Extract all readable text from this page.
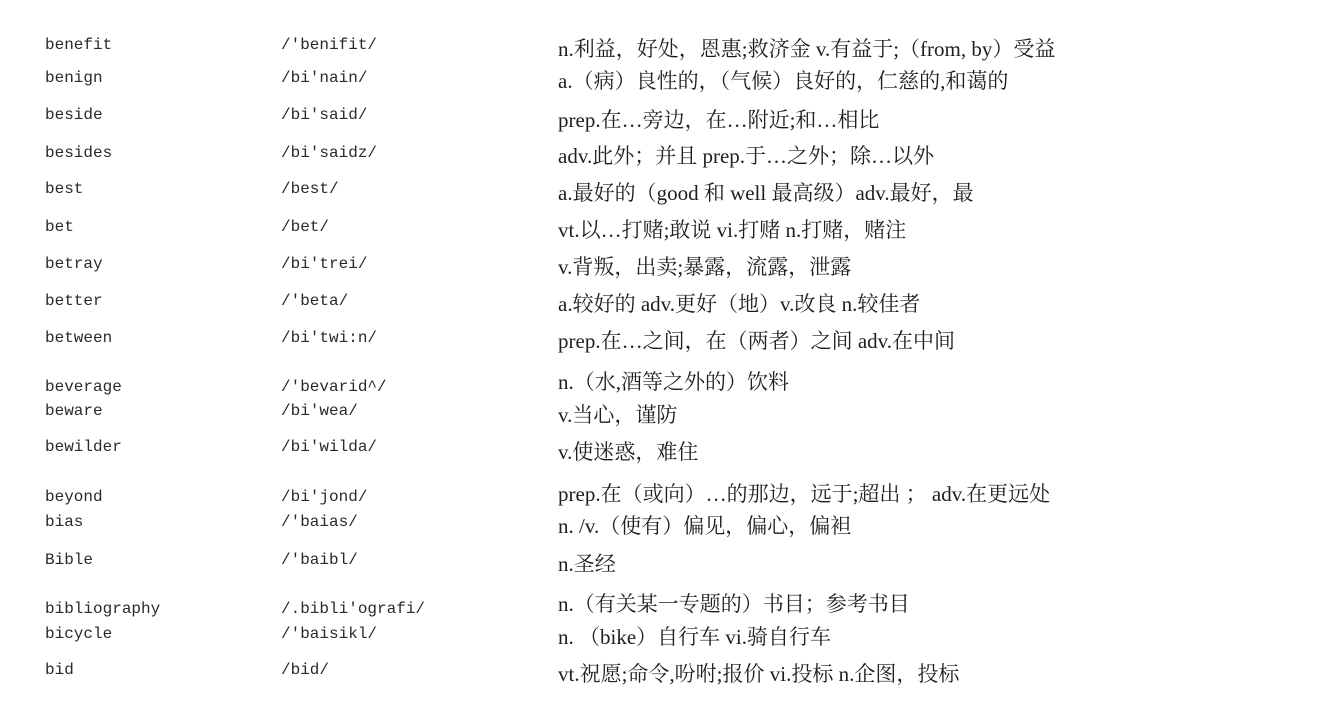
benefit	/'benifit/	n.利益，好处，恩惠;救济金 v.有益于;（from, by）受益
benign	/bi'nain/	a.（病）良性的，（气候）良好的，仁慈的,和蔼的
beside	/bi'said/	prep.在…旁边，在…附近;和…相比
besides	/bi'saidz/	adv.此外；并且 prep.于…之外；除…以外
best	/best/	a.最好的（good 和 well 最高级）adv.最好，最
bet	/bet/	vt.以…打赌;敢说 vi.打赌 n.打赌，赌注
betray	/bi'trei/	v.背叛，出卖;暴露，流露，泄露
better	/'beta/	a.较好的 adv.更好（地）v.改良 n.较佳者
between	/bi'twi:n/	prep.在…之间，在（两者）之间 adv.在中间
beverage	/'bevarid^/	n.（水,酒等之外的）饮料
beware	/bi'wea/	v.当心，谨防
bewilder	/bi'wilda/	v.使迷惑，难住
beyond	/bi'jond/	prep.在（或向）…的那边，远于;超出 ； adv.在更远处
bias	/'baias/	n. /v.（使有）偏见，偏心，偏袒
Bible	/'baibl/	n.圣经
bibliography	/.bibli'ografi/	n.（有关某一专题的）书目；参考书目
bicycle	/'baisikl/	n. （bike）自行车 vi.骑自行车
bid	/bid/	vt.祝愿;命令,吩咐;报价 vi.投标 n.企图，投标
